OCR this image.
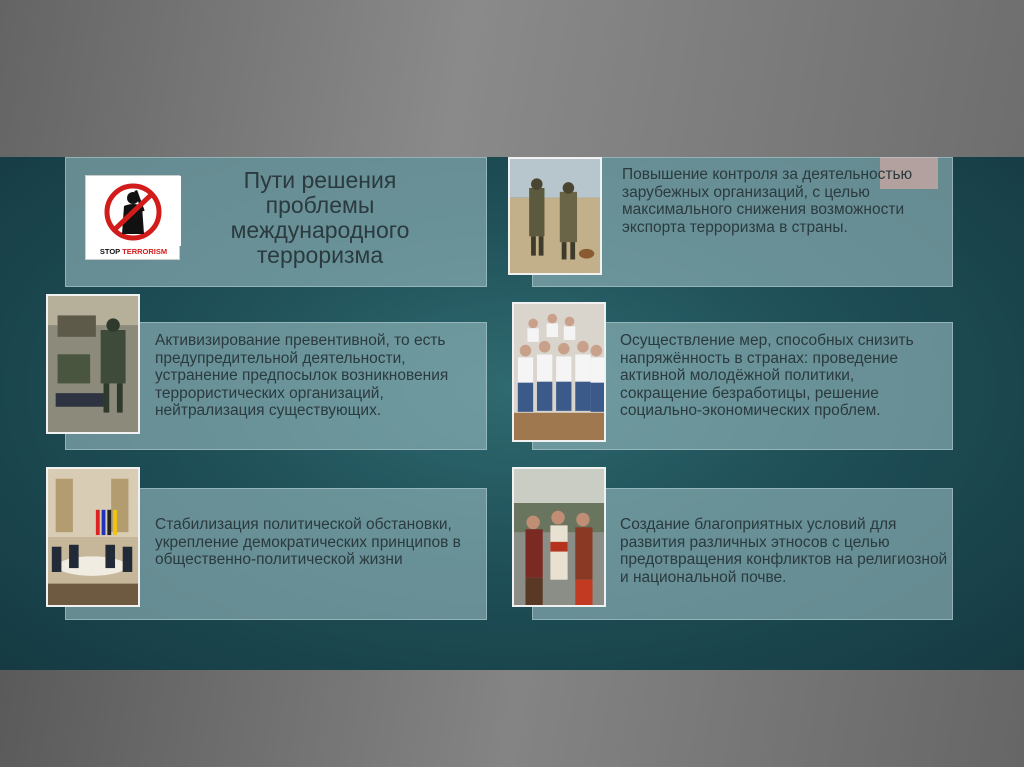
STOP TERRORISM
Пути решения проблемы международного терроризма
Повышение контроля за деятельностью зарубежных организаций, с целью максимального снижения возможности экспорта терроризма в страны.
Активизирование превентивной, то есть предупредительной деятельности, устранение предпосылок возникновения террористических организаций, нейтрализация существующих.
Осуществление мер, способных снизить напряжённость в странах: проведение активной молодёжной политики, сокращение безработицы, решение социально-экономических проблем.
Стабилизация политической обстановки, укрепление демократических принципов в общественно-политической жизни
Создание благоприятных условий для развития различных этносов с целью предотвращения конфликтов на религиозной и национальной почве.
